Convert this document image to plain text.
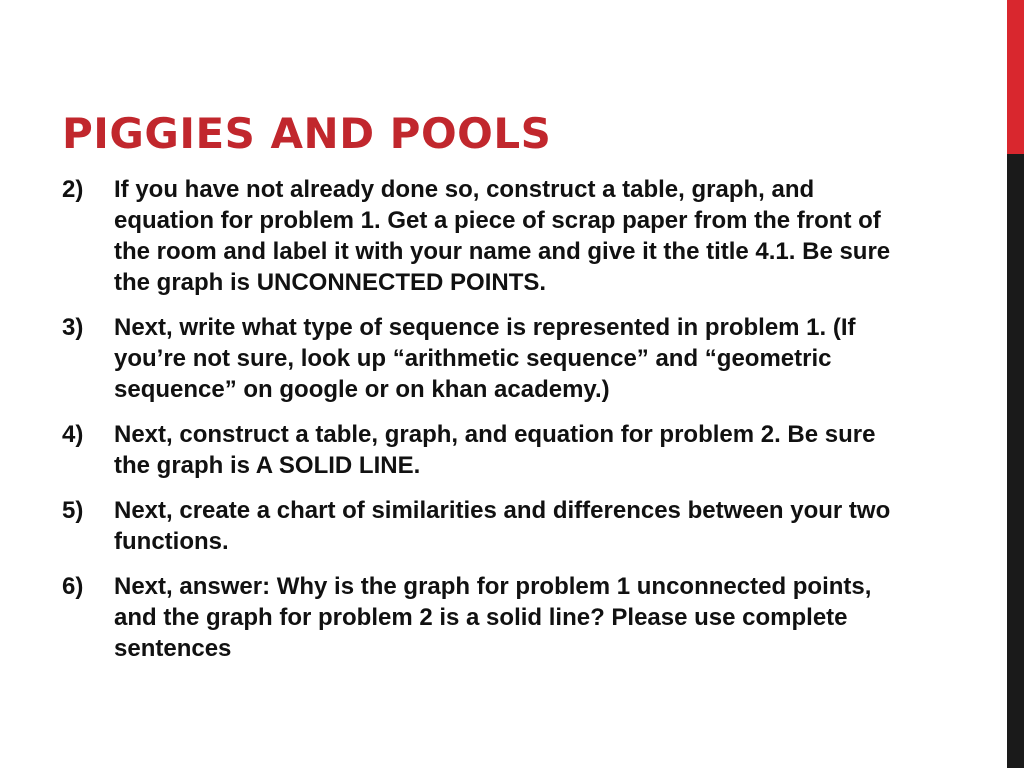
PIGGIES AND POOLS
2) If you have not already done so, construct a table, graph, and equation for problem 1. Get a piece of scrap paper from the front of the room and label it with your name and give it the title 4.1. Be sure the graph is UNCONNECTED POINTS.
3) Next, write what type of sequence is represented in problem 1. (If you’re not sure, look up “arithmetic sequence” and “geometric sequence” on google or on khan academy.)
4) Next, construct a table, graph, and equation for problem 2. Be sure the graph is A SOLID LINE.
5) Next, create a chart of similarities and differences between your two functions.
6) Next, answer: Why is the graph for problem 1 unconnected points, and the graph for problem 2 is a solid line? Please use complete sentences
